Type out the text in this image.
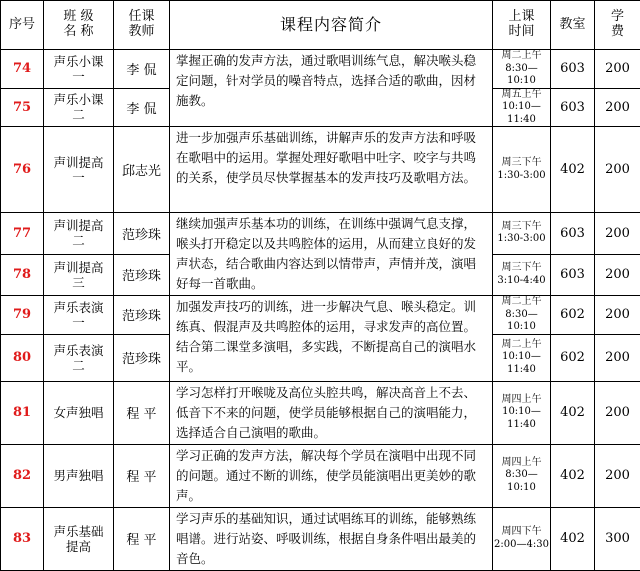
序号	班 级
名 称	任课
教师	课程内容简介	上课
时间	教室	学
费
74	声乐小课
一	李 侃	掌握正确的发声方法，通过歌唱训练气息，解决喉头稳定问题，针对学员的噪音特点，选择合适的歌曲，因材施教。	周二上午
8:30—10:10	603	200
75	声乐小课
二	李 侃		周五上午
10:10—11:40	603	200
76	声训提高
一	邱志光	进一步加强声乐基础训练，讲解声乐的发声方法和呼吸在歌唱中的运用。掌握处理好歌唱中吐字、咬字与共鸣的关系，使学员尽快掌握基本的发声技巧及歌唱方法。	周三下午
1:30-3:00	402	200
77	声训提高
二	范珍珠	继续加强声乐基本功的训练，在训练中强调气息支撑，喉头打开稳定以及共鸣腔体的运用，从而建立良好的发声状态，结合歌曲内容达到以情带声，声情并茂，演唱好每一首歌曲。	周三下午
1:30-3:00	603	200
78	声训提高
三	范珍珠		周三下午
3:10-4:40	603	200
79	声乐表演
一	范珍珠	加强发声技巧的训练，进一步解决气息、喉头稳定。训练真、假混声及共鸣腔体的运用，寻求发声的高位置。结合第二课堂多演唱，多实践，不断提高自己的演唱水平。	周二上午
8:30—10:10	602	200
80	声乐表演
二	范珍珠		周二上午
10:10—11:40	602	200
81	女声独唱	程 平	学习怎样打开喉咙及高位头腔共鸣，解决高音上不去、低音下不来的问题，使学员能够根据自己的演唱能力，选择适合自己演唱的歌曲。	周四上午
10:10—11:40	402	200
82	男声独唱	程 平	学习正确的发声方法，解决每个学员在演唱中出现不同的问题。通过不断的训练，使学员能演唱出更美妙的歌声。	周四上午
8:30—10:10	402	200
83	声乐基础
提高	程 平	学习声乐的基础知识，通过试唱练耳的训练，能够熟练唱谱。进行站姿、呼吸训练，根据自身条件唱出最美的音色。	周四下午
2:00—4:30	402	300
